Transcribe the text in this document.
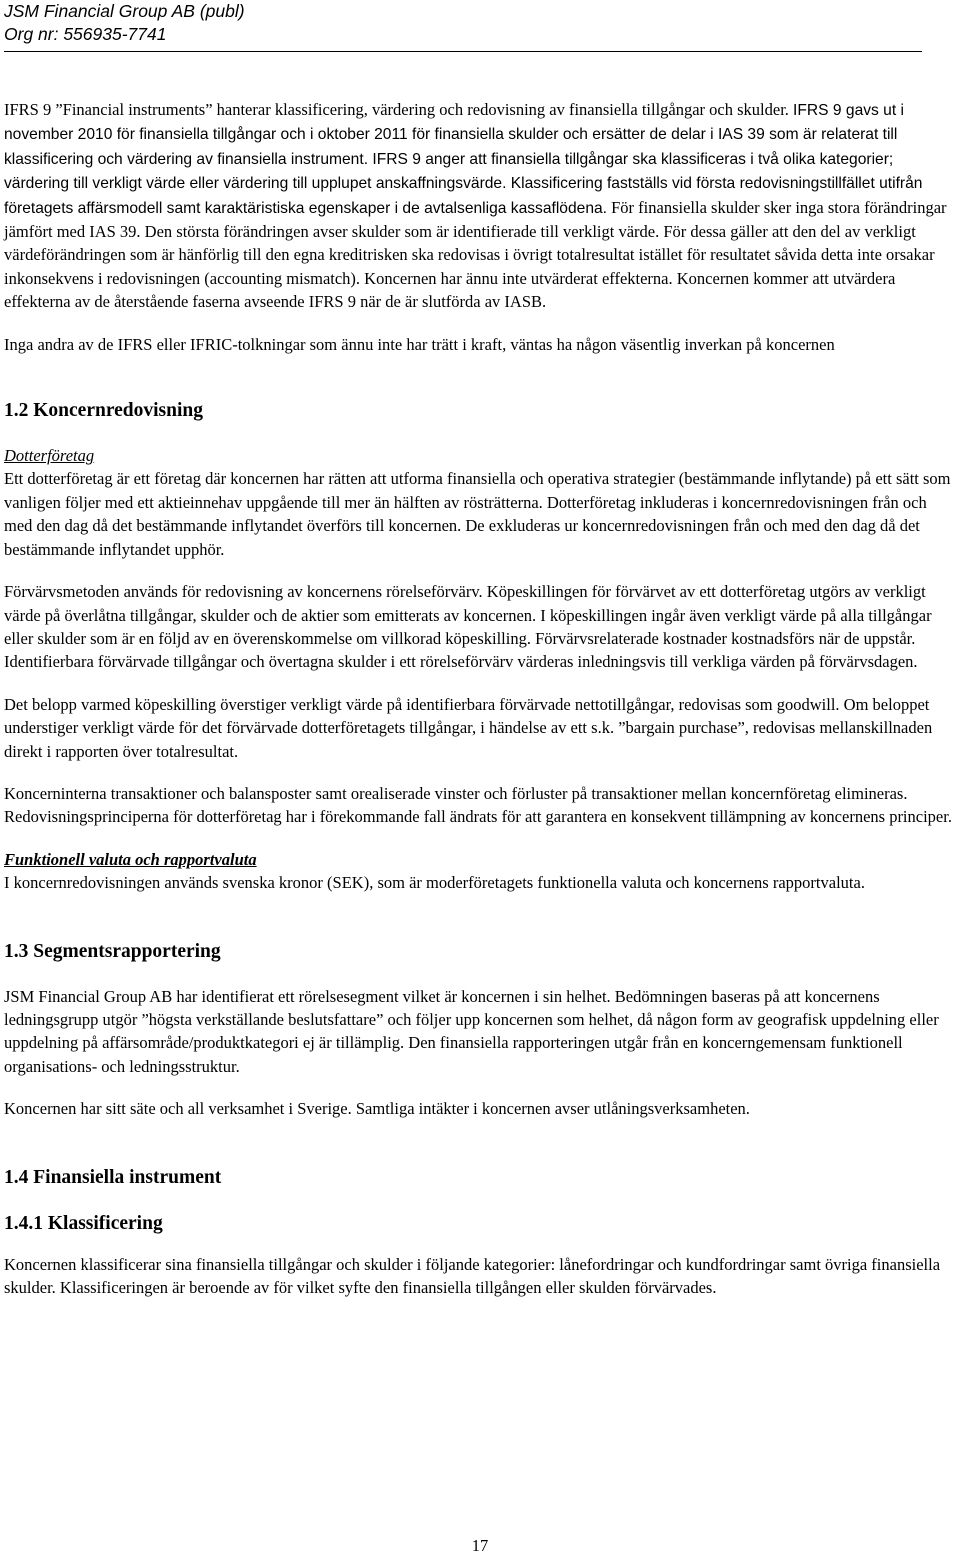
JSM Financial Group AB (publ)
Org nr: 556935-7741

IFRS 9 ”Financial instruments” hanterar klassificering, värdering och redovisning av finansiella tillgångar och skulder. IFRS 9 gavs ut i november 2010 för finansiella tillgångar och i oktober 2011 för finansiella skulder och ersätter de delar i IAS 39 som är relaterat till klassificering och värdering av finansiella instrument. IFRS 9 anger att finansiella tillgångar ska klassificeras i två olika kategorier; värdering till verkligt värde eller värdering till upplupet anskaffningsvärde. Klassificering fastställs vid första redovisningstillfället utifrån företagets affärsmodell samt karaktäristiska egenskaper i de avtalsenliga kassaflödena. För finansiella skulder sker inga stora förändringar jämfört med IAS 39. Den största förändringen avser skulder som är identifierade till verkligt värde. För dessa gäller att den del av verkligt värdeförändringen som är hänförlig till den egna kreditrisken ska redovisas i övrigt totalresultat istället för resultatet såvida detta inte orsakar inkonsekvens i redovisningen (accounting mismatch). Koncernen har ännu inte utvärderat effekterna. Koncernen kommer att utvärdera effekterna av de återstående faserna avseende IFRS 9 när de är slutförda av IASB.

Inga andra av de IFRS eller IFRIC-tolkningar som ännu inte har trätt i kraft, väntas ha någon väsentlig inverkan på koncernen

1.2 Koncernredovisning
Dotterföretag

Ett dotterföretag är ett företag där koncernen har rätten att utforma finansiella och operativa strategier (bestämmande inflytande) på ett sätt som vanligen följer med ett aktieinnehav uppgående till mer än hälften av rösträtterna. Dotterföretag inkluderas i koncernredovisningen från och med den dag då det bestämmande inflytandet överförs till koncernen. De exkluderas ur koncernredovisningen från och med den dag då det bestämmande inflytandet upphör.

Förvärvsmetoden används för redovisning av koncernens rörelseförvärv. Köpeskillingen för förvärvet av ett dotterföretag utgörs av verkligt värde på överlåtna tillgångar, skulder och de aktier som emitterats av koncernen. I köpeskillingen ingår även verkligt värde på alla tillgångar eller skulder som är en följd av en överenskommelse om villkorad köpeskilling. Förvärvsrelaterade kostnader kostnadsförs när de uppstår. Identifierbara förvärvade tillgångar och övertagna skulder i ett rörelseförvärv värderas inledningsvis till verkliga värden på förvärvsdagen.

Det belopp varmed köpeskilling överstiger verkligt värde på identifierbara förvärvade nettotillgångar, redovisas som goodwill. Om beloppet understiger verkligt värde för det förvärvade dotterföretagets tillgångar, i händelse av ett s.k. ”bargain purchase”, redovisas mellanskillnaden direkt i rapporten över totalresultat.

Koncerninterna transaktioner och balansposter samt orealiserade vinster och förluster på transaktioner mellan koncernföretag elimineras. Redovisningsprinciperna för dotterföretag har i förekommande fall ändrats för att garantera en konsekvent tillämpning av koncernens principer.

Funktionell valuta och rapportvaluta

I koncernredovisningen används svenska kronor (SEK), som är moderföretagets funktionella valuta och koncernens rapportvaluta.

1.3 Segmentsrapportering

JSM Financial Group AB har identifierat ett rörelsesegment vilket är koncernen i sin helhet. Bedömningen baseras på att koncernens ledningsgrupp utgör ”högsta verkställande beslutsfattare” och följer upp koncernen som helhet, då någon form av geografisk uppdelning eller uppdelning på affärsområde/produktkategori ej är tillämplig. Den finansiella rapporteringen utgår från en koncerngemensam funktionell organisations- och ledningsstruktur.

Koncernen har sitt säte och all verksamhet i Sverige. Samtliga intäkter i koncernen avser utlåningsverksamheten.

1.4 Finansiella instrument
1.4.1 Klassificering

Koncernen klassificerar sina finansiella tillgångar och skulder i följande kategorier: lånefordringar och kundfordringar samt övriga finansiella skulder. Klassificeringen är beroende av för vilket syfte den finansiella tillgången eller skulden förvärvades.

17
